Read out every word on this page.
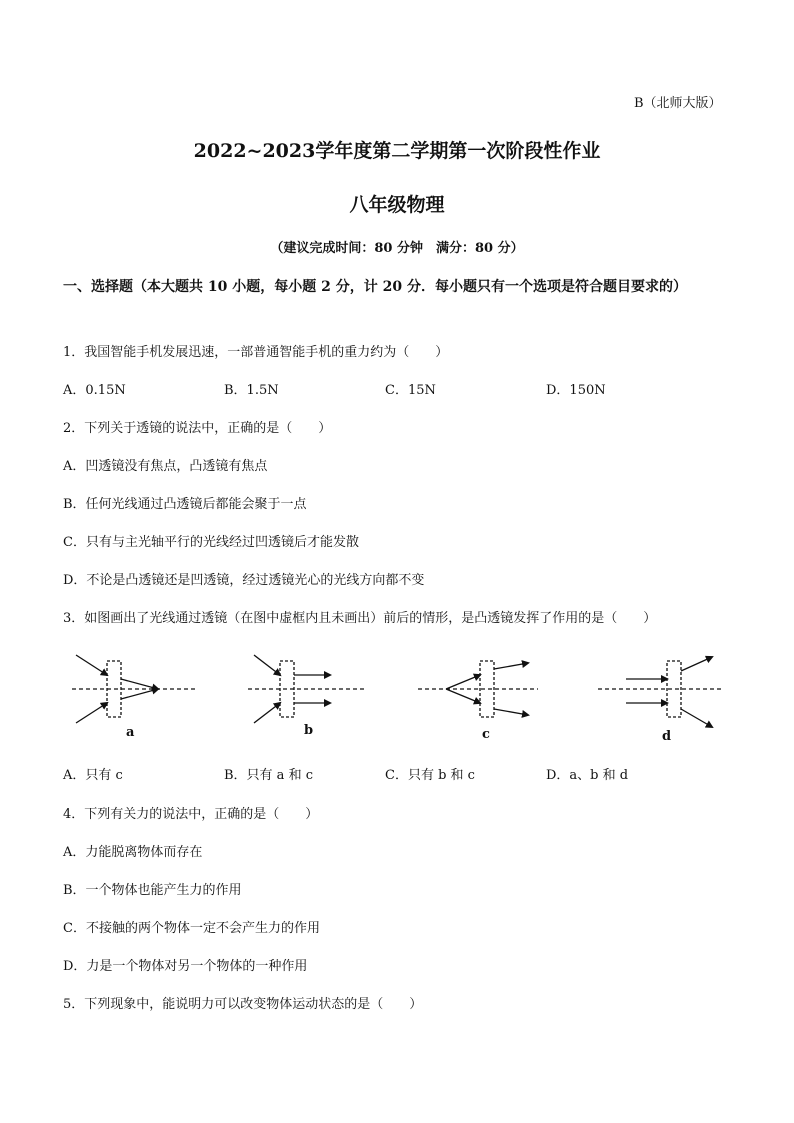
B（北师大版）
2022~2023学年度第二学期第一次阶段性作业
八年级物理
（建议完成时间：80 分钟　满分：80 分）
一、选择题（本大题共 10 小题，每小题 2 分，计 20 分．每小题只有一个选项是符合题目要求的）
1．我国智能手机发展迅速，一部普通智能手机的重力约为（　　）
A．0.15N	B．1.5N	C．15N	D．150N
2．下列关于透镜的说法中，正确的是（　　）
A．凹透镜没有焦点，凸透镜有焦点
B．任何光线通过凸透镜后都能会聚于一点
C．只有与主光轴平行的光线经过凹透镜后才能发散
D．不论是凸透镜还是凹透镜，经过透镜光心的光线方向都不变
3．如图画出了光线通过透镜（在图中虚框内且未画出）前后的情形，是凸透镜发挥了作用的是（　　）
a	b	c	d
A．只有 c	B．只有 a 和 c	C．只有 b 和 c	D．a、b 和 d
4．下列有关力的说法中，正确的是（　　）
A．力能脱离物体而存在
B．一个物体也能产生力的作用
C．不接触的两个物体一定不会产生力的作用
D．力是一个物体对另一个物体的一种作用
5．下列现象中，能说明力可以改变物体运动状态的是（　　）
